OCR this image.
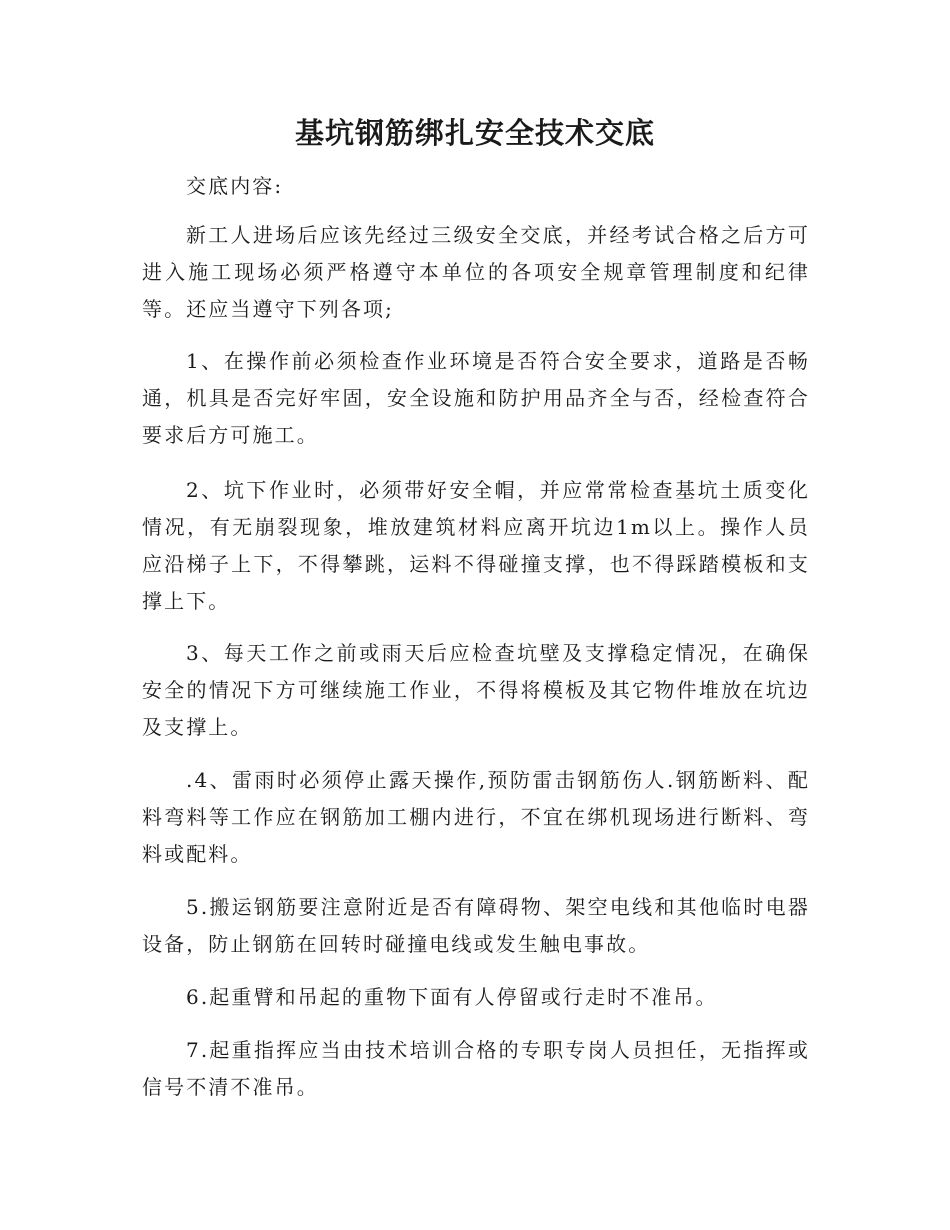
基坑钢筋绑扎安全技术交底

交底内容:

新工人进场后应该先经过三级安全交底，并经考试合格之后方可进入施工现场必须严格遵守本单位的各项安全规章管理制度和纪律等。还应当遵守下列各项;

1、在操作前必须检查作业环境是否符合安全要求，道路是否畅通，机具是否完好牢固，安全设施和防护用品齐全与否，经检查符合要求后方可施工。

2、坑下作业时，必须带好安全帽，并应常常检查基坑土质变化情况，有无崩裂现象，堆放建筑材料应离开坑边1m以上。操作人员应沿梯子上下，不得攀跳，运料不得碰撞支撑，也不得踩踏模板和支撑上下。

3、每天工作之前或雨天后应检查坑壁及支撑稳定情况，在确保安全的情况下方可继续施工作业，不得将模板及其它物件堆放在坑边及支撑上。

.4、雷雨时必须停止露天操作,预防雷击钢筋伤人.钢筋断料、配料弯料等工作应在钢筋加工棚内进行，不宜在绑机现场进行断料、弯料或配料。

5.搬运钢筋要注意附近是否有障碍物、架空电线和其他临时电器设备，防止钢筋在回转时碰撞电线或发生触电事故。

6.起重臂和吊起的重物下面有人停留或行走时不准吊。

7.起重指挥应当由技术培训合格的专职专岗人员担任，无指挥或信号不清不准吊。
